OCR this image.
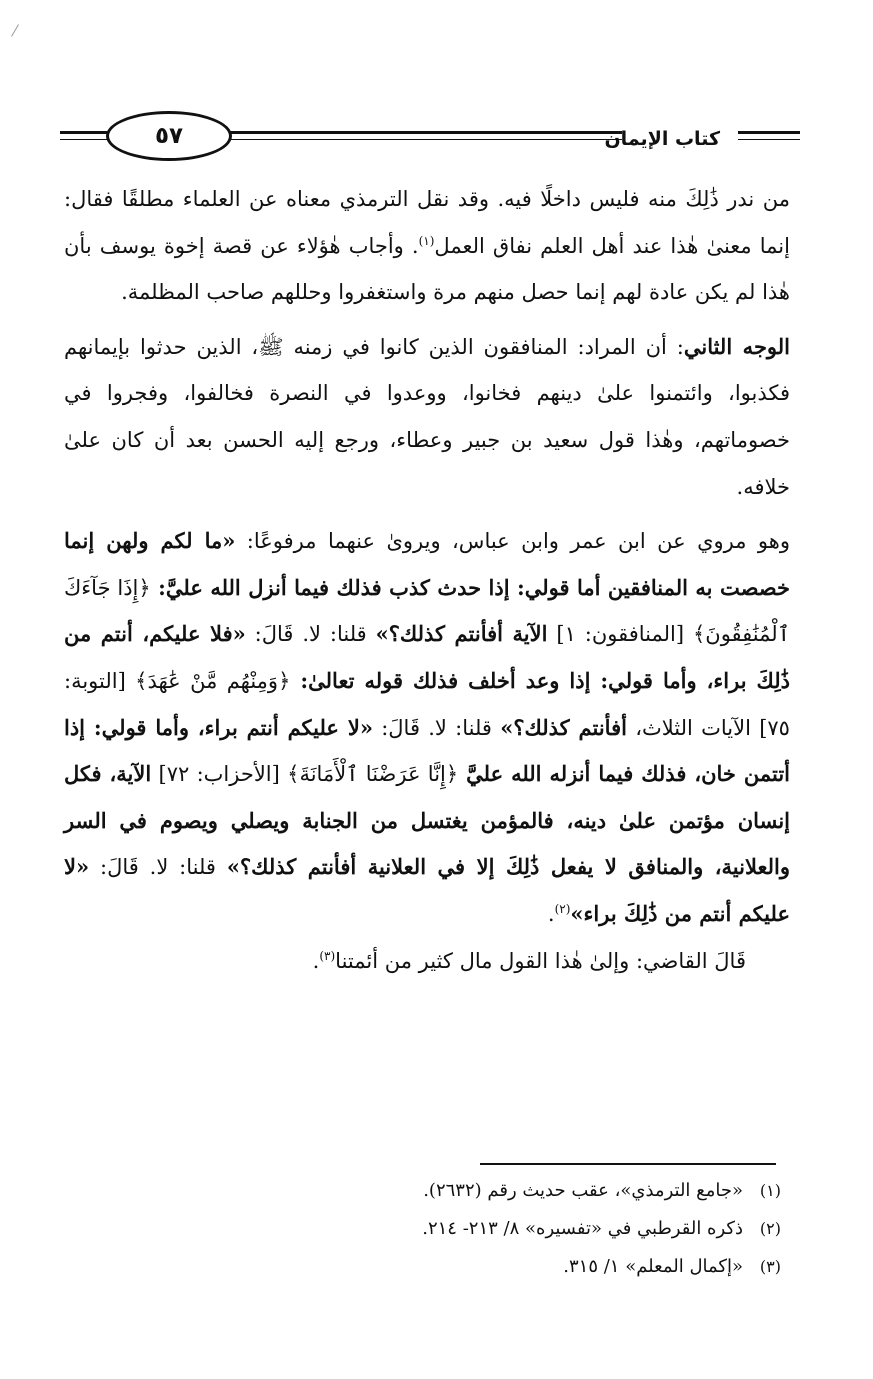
٥٧	كتاب الإيمان

من ندر ذَٰلِكَ منه فليس داخلًا فيه. وقد نقل الترمذي معناه عن العلماء مطلقًا فقال: إنما معنىٰ هٰذا عند أهل العلم نفاق العمل$^{(١)}$. وأجاب هٰؤلاء عن قصة إخوة يوسف بأن هٰذا لم يكن عادة لهم إنما حصل منهم مرة واستغفروا وحللهم صاحب المظلمة.

الوجه الثاني: أن المراد: المنافقون الذين كانوا في زمنه ﷺ، الذين حدثوا بإيمانهم فكذبوا، وائتمنوا علىٰ دينهم فخانوا، ووعدوا في النصرة فخالفوا، وفجروا في خصوماتهم، وهٰذا قول سعيد بن جبير وعطاء، ورجع إليه الحسن بعد أن كان علىٰ خلافه.

وهو مروي عن ابن عمر وابن عباس، ويروىٰ عنهما مرفوعًا: «ما لكم ولهن إنما خصصت به المنافقين أما قولي: إذا حدث كذب فذلك فيما أنزل الله عليَّ: ﴿إِذَا جَآءَكَ ٱلْمُنَٰفِقُونَ﴾ [المنافقون: ١] الآية أفأنتم كذلك؟» قلنا: لا. قَالَ: «فلا عليكم، أنتم من ذَٰلِكَ براء، وأما قولي: إذا وعد أخلف فذلك قوله تعالىٰ: ﴿وَمِنْهُم مَّنْ عَٰهَدَ﴾ [التوبة: ٧٥] الآيات الثلاث، أفأنتم كذلك؟» قلنا: لا. قَالَ: «لا عليكم أنتم براء، وأما قولي: إذا أتتمن خان، فذلك فيما أنزله الله عليَّ ﴿إِنَّا عَرَضْنَا ٱلْأَمَانَةَ﴾ [الأحزاب: ٧٢] الآية، فكل إنسان مؤتمن علىٰ دينه، فالمؤمن يغتسل من الجنابة ويصلي ويصوم في السر والعلانية، والمنافق لا يفعل ذَٰلِكَ إلا في العلانية أفأنتم كذلك؟» قلنا: لا. قَالَ: «لا عليكم أنتم من ذَٰلِكَ براء»$^{(٢)}$.

قَالَ القاضي: وإلىٰ هٰذا القول مال كثير من أئمتنا$^{(٣)}$.

(١)«جامع الترمذي»، عقب حديث رقم (٢٦٣٢).
(٢)ذكره القرطبي في «تفسيره» ٨/ ٢١٣- ٢١٤.
(٣)«إكمال المعلم» ١/ ٣١٥.
